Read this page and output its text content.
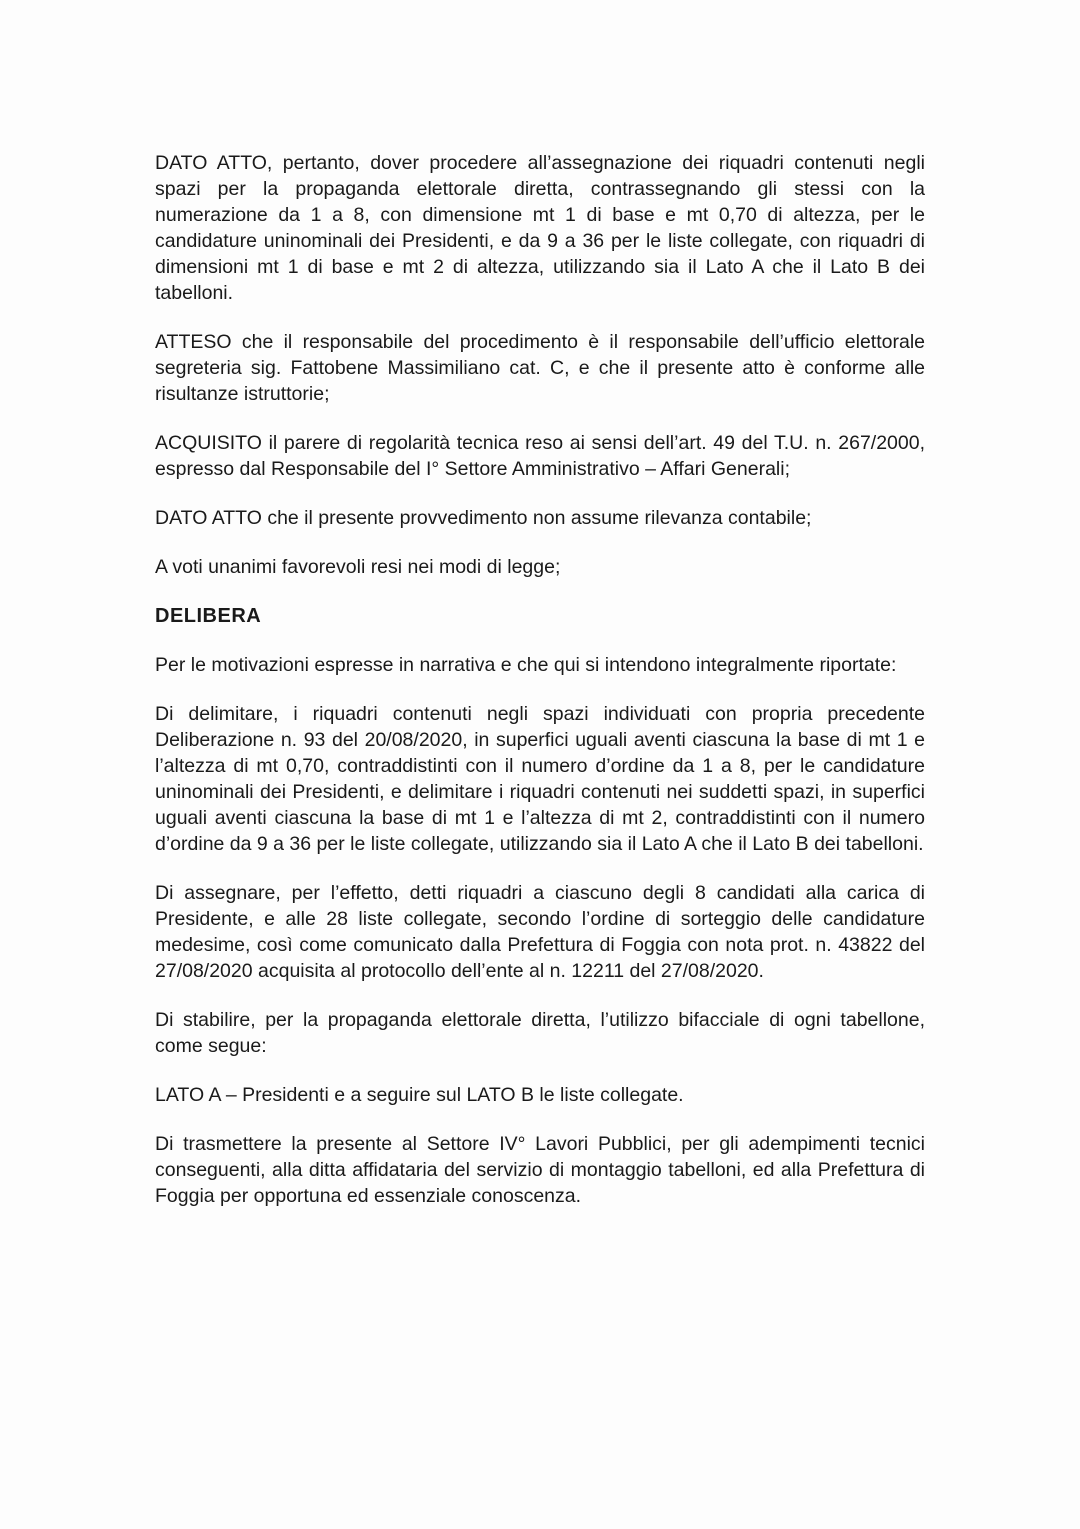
DATO ATTO, pertanto, dover procedere all’assegnazione dei riquadri contenuti negli spazi per la propaganda elettorale diretta, contrassegnando gli stessi con la numerazione da 1 a 8, con dimensione mt 1 di base e mt 0,70 di altezza, per le candidature uninominali dei Presidenti, e da 9 a 36 per le liste collegate, con riquadri di dimensioni mt 1 di base e mt 2 di altezza, utilizzando sia il Lato A che il Lato B dei tabelloni.

ATTESO che il responsabile del procedimento è il responsabile dell’ufficio elettorale segreteria sig. Fattobene Massimiliano cat. C, e che il presente atto è conforme alle risultanze istruttorie;

ACQUISITO il parere di regolarità tecnica reso ai sensi dell’art. 49 del T.U. n. 267/2000, espresso dal Responsabile del I° Settore Amministrativo – Affari Generali;

DATO ATTO che il presente provvedimento non assume rilevanza contabile;

A voti unanimi favorevoli resi nei modi di legge;

DELIBERA

Per le motivazioni espresse in narrativa e che qui si intendono integralmente riportate:

Di delimitare, i riquadri contenuti negli spazi individuati con propria precedente Deliberazione n. 93 del 20/08/2020, in superfici uguali aventi ciascuna la base di mt 1 e l’altezza di mt 0,70, contraddistinti con il numero d’ordine da 1 a 8, per le candidature uninominali dei Presidenti, e delimitare i riquadri contenuti nei suddetti spazi, in superfici uguali aventi ciascuna la base di mt 1 e l’altezza di mt 2, contraddistinti con il numero d’ordine da 9 a 36 per le liste collegate, utilizzando sia il Lato A che il Lato B dei tabelloni.

Di assegnare, per l’effetto, detti riquadri a ciascuno degli 8 candidati alla carica di Presidente, e alle 28 liste collegate, secondo l’ordine di sorteggio delle candidature medesime, così come comunicato dalla Prefettura di Foggia con nota prot. n. 43822 del 27/08/2020 acquisita al protocollo dell’ente al n. 12211 del 27/08/2020.

Di stabilire, per la propaganda elettorale diretta, l’utilizzo bifacciale di ogni tabellone, come segue:

LATO A – Presidenti e a seguire sul LATO B le liste collegate.

Di trasmettere la presente al Settore IV° Lavori Pubblici, per gli adempimenti tecnici conseguenti, alla ditta affidataria del servizio di montaggio tabelloni, ed alla Prefettura di Foggia per opportuna ed essenziale conoscenza.
